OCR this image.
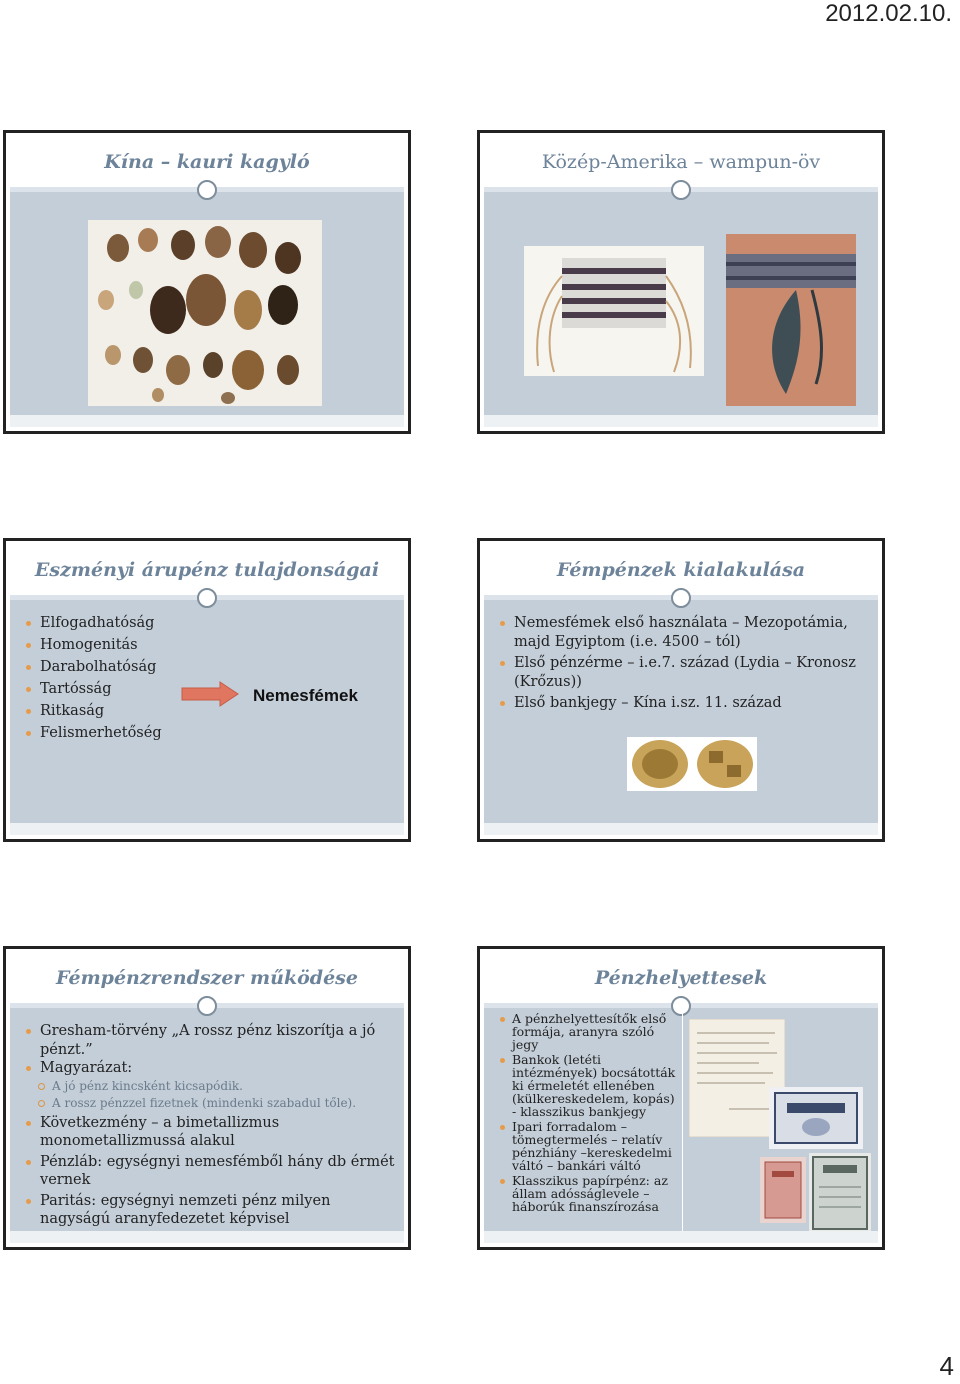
2012.02.10.
Kína – kauri kagyló	Közép-Amerika – wampun-öv
Eszményi árupénz tulajdonságai
Elfogadhatóság
Homogenitás
Darabolhatóság
Tartósság
Ritkaság
Felismerhetőség
Nemesfémek
Fémpénzek kialakulása
Nemesfémek első használata – Mezopotámia, majd Egyiptom (i.e. 4500 – tól)
Első pénzérme – i.e.7. század (Lydia – Kronosz (Krőzus))
Első bankjegy – Kína i.sz. 11. század
Fémpénzrendszer működése
Gresham-törvény „A rossz pénz kiszorítja a jó pénzt.”
Magyarázat:
A jó pénz kincsként kicsapódik.
A rossz pénzzel fizetnek (mindenki szabadul tőle).
Következmény – a bimetallizmus monometallizmussá alakul
Pénzláb: egységnyi nemesfémből hány db érmét vernek
Paritás: egységnyi nemzeti pénz milyen nagyságú aranyfedezetet képvisel
Pénzhelyettesek
A pénzhelyettesítők első formája, aranyra szóló jegy
Bankok (letéti intézmények) bocsátották ki érmeletét ellenében (külkereskedelem, kopás) - klasszikus bankjegy
Ipari forradalom – tömegtermelés – relatív pénzhiány –kereskedelmi váltó – bankári váltó
Klasszikus papírpénz: az állam adósságlevele – háborúk finanszírozása
4
